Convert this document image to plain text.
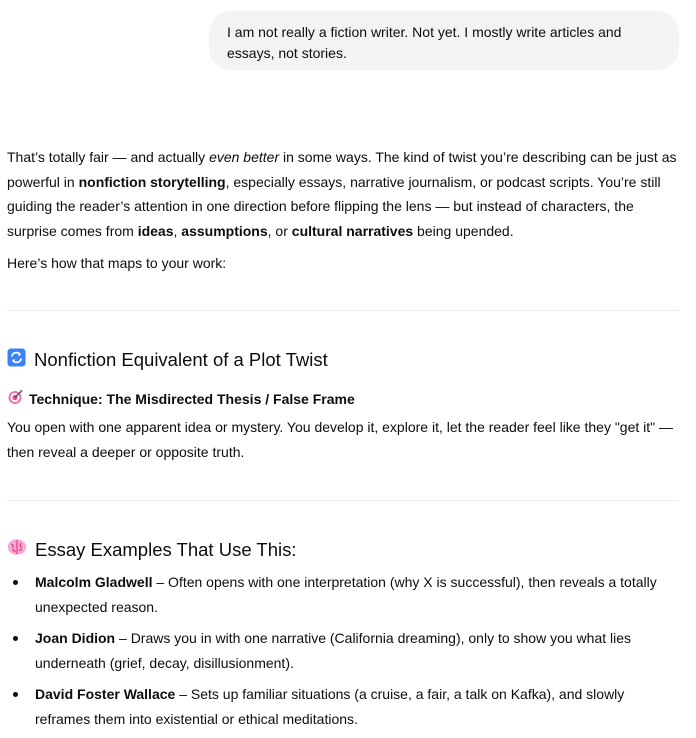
I am not really a fiction writer. Not yet. I mostly write articles and essays, not stories.
That’s totally fair — and actually even better in some ways. The kind of twist you’re describing can be just as powerful in nonfiction storytelling, especially essays, narrative journalism, or podcast scripts. You’re still guiding the reader’s attention in one direction before flipping the lens — but instead of characters, the surprise comes from ideas, assumptions, or cultural narratives being upended.
Here’s how that maps to your work:
Nonfiction Equivalent of a Plot Twist
Technique: The Misdirected Thesis / False Frame
You open with one apparent idea or mystery. You develop it, explore it, let the reader feel like they "get it" — then reveal a deeper or opposite truth.
Essay Examples That Use This:
Malcolm Gladwell – Often opens with one interpretation (why X is successful), then reveals a totally unexpected reason.
Joan Didion – Draws you in with one narrative (California dreaming), only to show you what lies underneath (grief, decay, disillusionment).
David Foster Wallace – Sets up familiar situations (a cruise, a fair, a talk on Kafka), and slowly reframes them into existential or ethical meditations.
